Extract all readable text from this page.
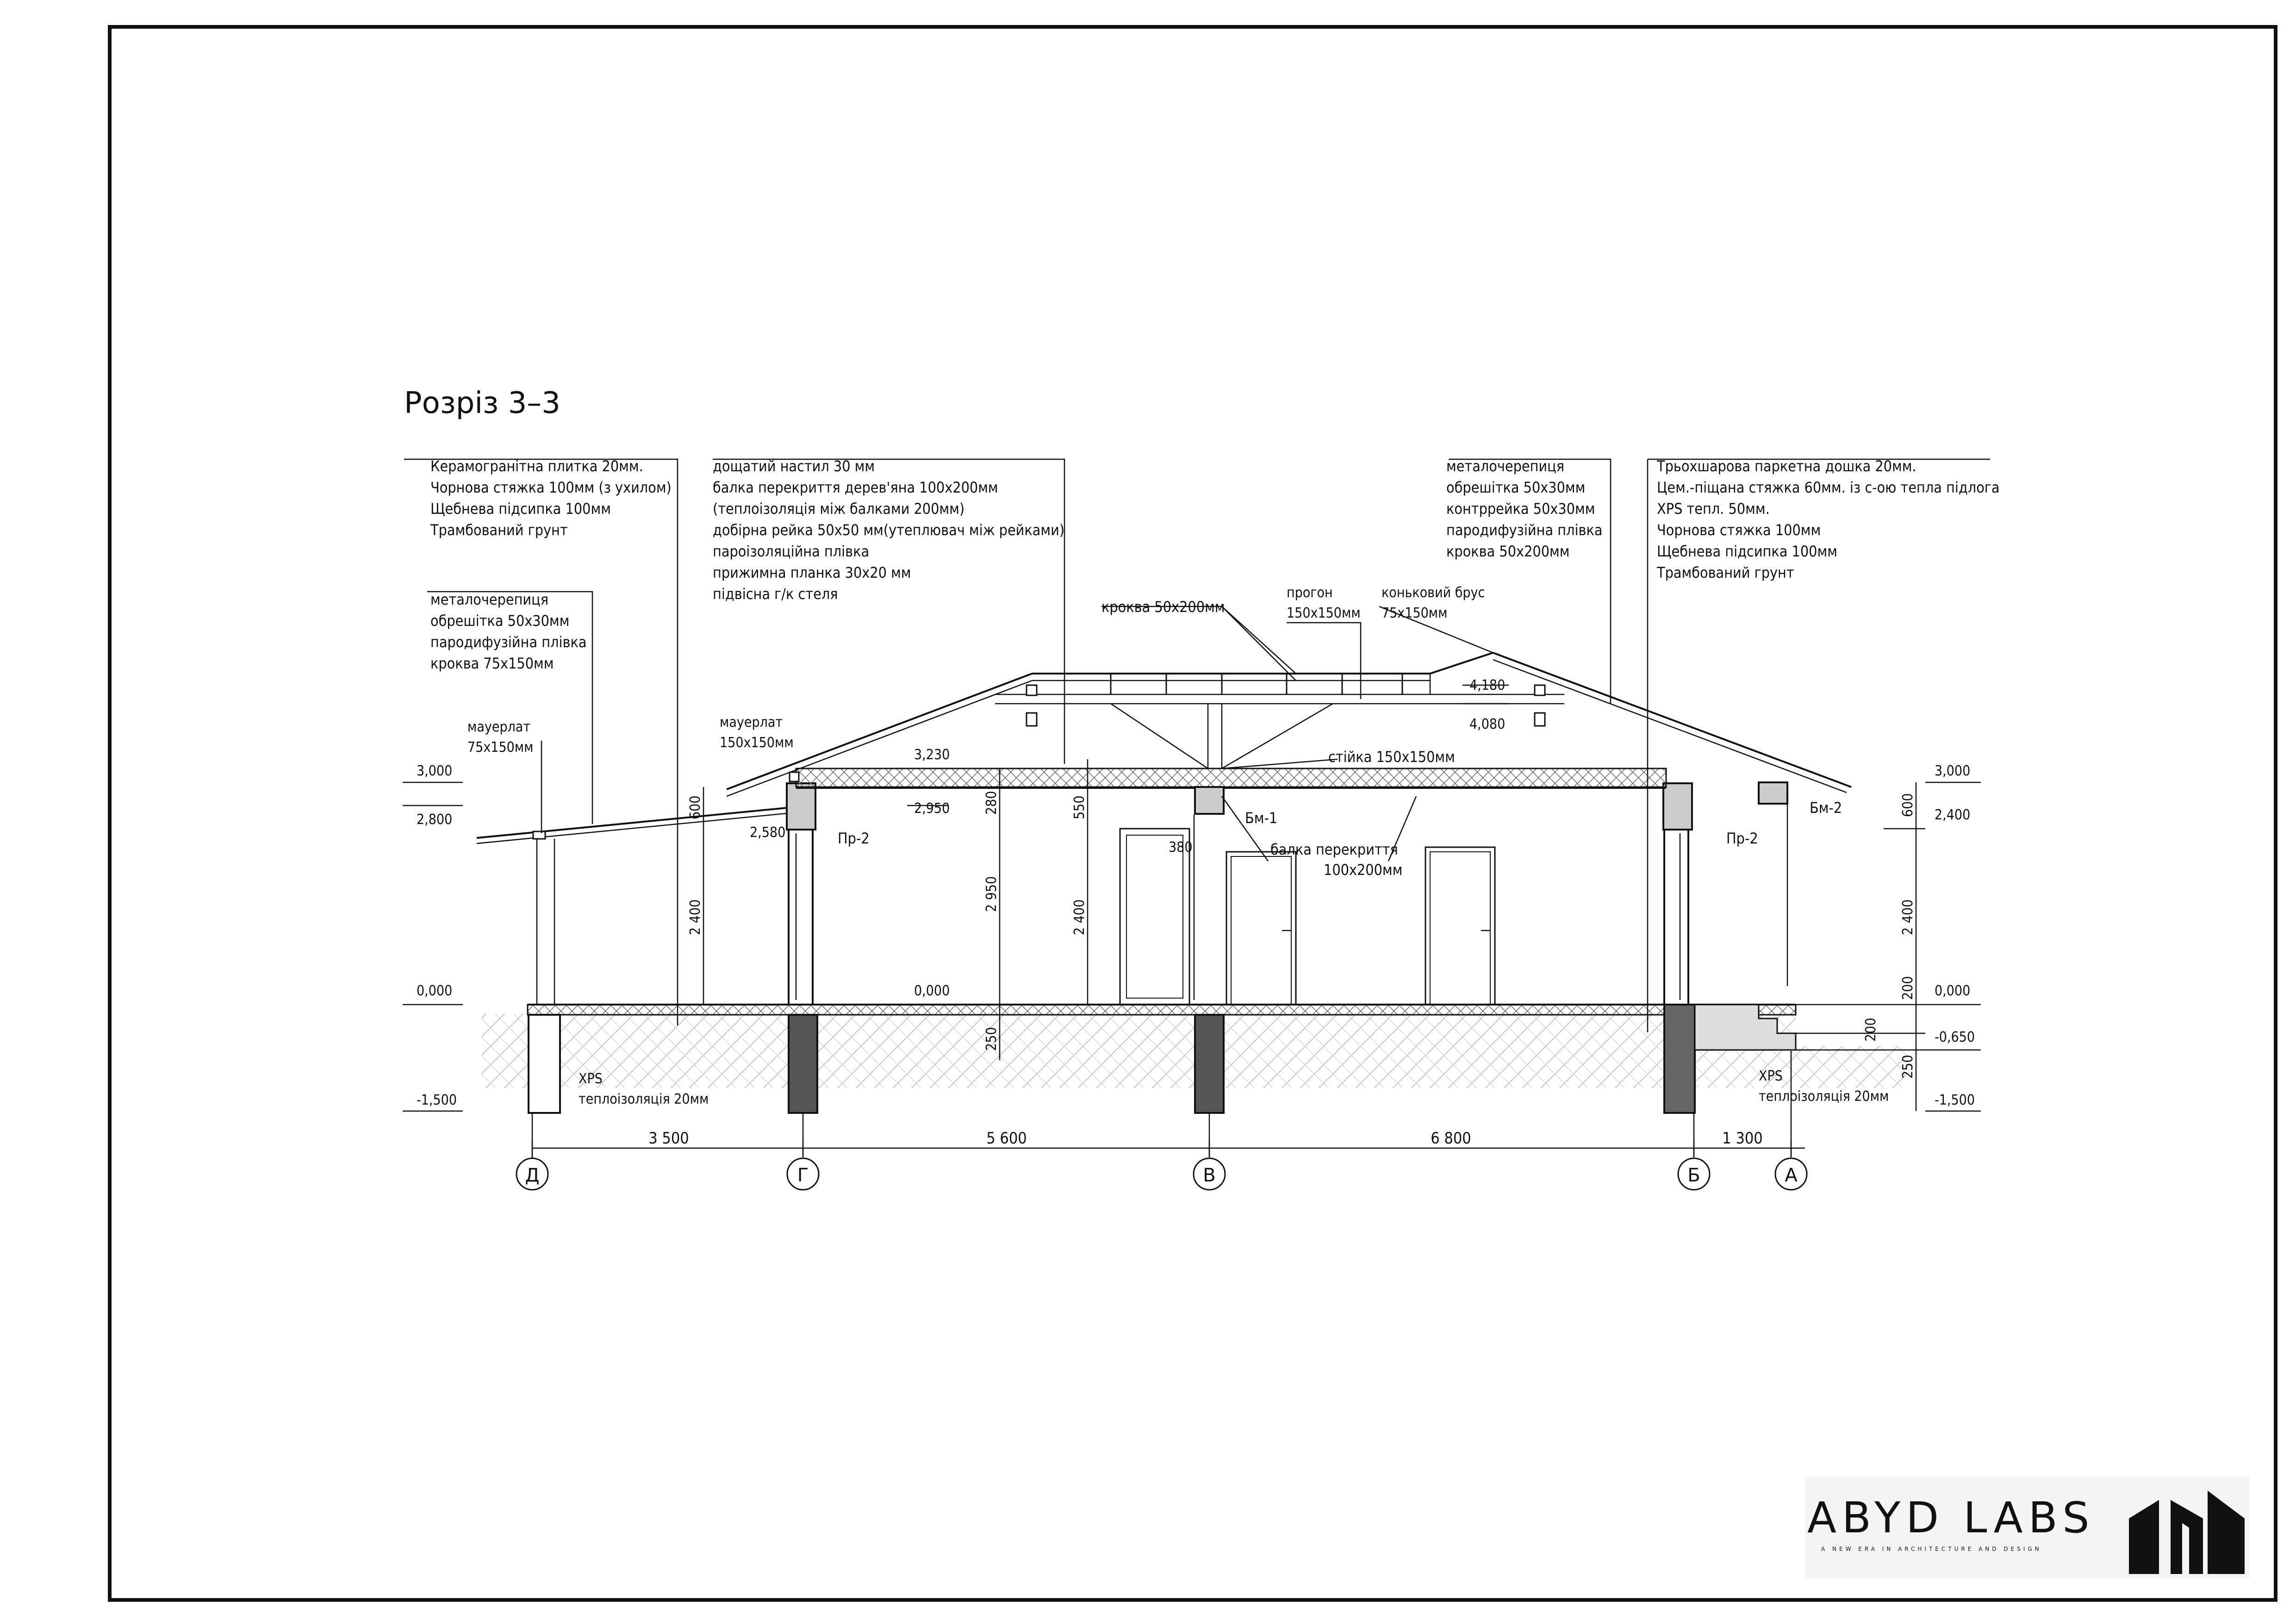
Розріз 3–3
Д	Г	В	Б	А
3 500	5 600	6 800	1 300
Керамогранітна плитка 20мм.
Чорнова стяжка 100мм (з ухилом)
Щебнева підсипка 100мм
Трамбований грунт
металочерепиця
обрешітка 50х30мм
пародифузійна плівка
кроква 75х150мм
дощатий настил 30 мм
балка перекриття дерев'яна 100х200мм
(теплоізоляція між балками 200мм)
добірна рейка 50х50 мм(утеплювач між рейками)
пароізоляційна плівка
прижимна планка 30х20 мм
підвісна г/к стеля
металочерепиця
обрешітка 50х30мм
контррейка 50х30мм
пародифузійна плівка
кроква 50х200мм
Трьохшарова паркетна дошка 20мм.
Цем.-піщана стяжка 60мм. із с-ою тепла підлога
XPS тепл. 50мм.
Чорнова стяжка 100мм
Щебнева підсипка 100мм
Трамбований грунт
кроква 50х200мм
прогон
150х150мм
коньковий брус
75х150мм
стійка 150х150мм
балка перекриття
100х200мм
мауерлат
75х150мм
мауерлат
150х150мм
XPS
теплоізоляція 20мм
XPS
теплоізоляція 20мм
Бм-1
Бм-2
Пр-2	Пр-2
3,000
2,800
0,000
-1,500
3,230
2,950
2,580
0,000
4,180
4,080
3,000
2,400
0,000
-0,650
-1,500
600
2 400
280
2 950
250
550
2 400
600
2 400
200
200
250
380
ABYD LABS
A NEW ERA IN ARCHITECTURE AND DESIGN
